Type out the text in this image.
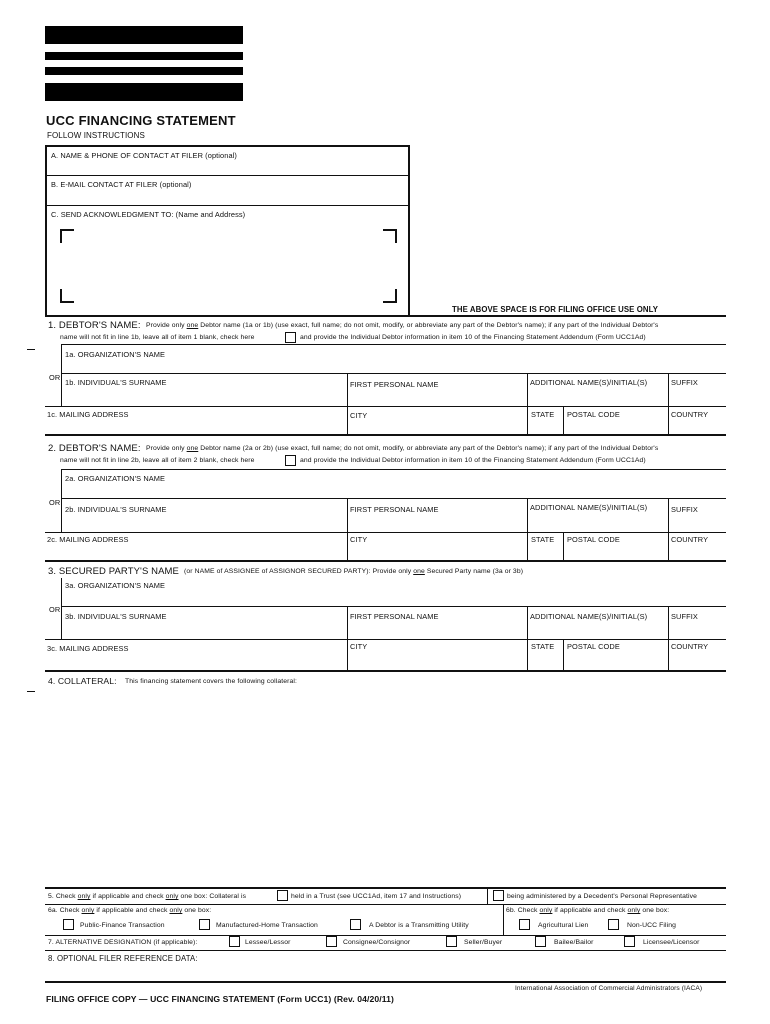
UCC FINANCING STATEMENT
FOLLOW INSTRUCTIONS
A. NAME & PHONE OF CONTACT AT FILER (optional)
B. E-MAIL CONTACT AT FILER (optional)
C. SEND ACKNOWLEDGMENT TO: (Name and Address)
THE ABOVE SPACE IS FOR FILING OFFICE USE ONLY
1. DEBTOR'S NAME: Provide only one Debtor name (1a or 1b) (use exact, full name; do not omit, modify, or abbreviate any part of the Debtor's name); if any part of the Individual Debtor's
name will not fit in line 1b, leave all of item 1 blank, check here	and provide the Individual Debtor information in item 10 of the Financing Statement Addendum (Form UCC1Ad)
1a. ORGANIZATION'S NAME
OR
1b. INDIVIDUAL'S SURNAME	FIRST PERSONAL NAME	ADDITIONAL NAME(S)/INITIAL(S)	SUFFIX
1c. MAILING ADDRESS	CITY	STATE POSTAL CODE	COUNTRY
2. DEBTOR'S NAME: Provide only one Debtor name (2a or 2b) (use exact, full name; do not omit, modify, or abbreviate any part of the Debtor's name); if any part of the Individual Debtor's
name will not fit in line 2b, leave all of item 2 blank, check here	and provide the Individual Debtor information in item 10 of the Financing Statement Addendum (Form UCC1Ad)
2a. ORGANIZATION'S NAME
OR
2b. INDIVIDUAL'S SURNAME	FIRST PERSONAL NAME	ADDITIONAL NAME(S)/INITIAL(S)	SUFFIX
2c. MAILING ADDRESS	CITY	STATE POSTAL CODE	COUNTRY
3. SECURED PARTY'S NAME (or NAME of ASSIGNEE of ASSIGNOR SECURED PARTY): Provide only one Secured Party name (3a or 3b)
3a. ORGANIZATION'S NAME
OR
3b. INDIVIDUAL'S SURNAME	FIRST PERSONAL NAME	ADDITIONAL NAME(S)/INITIAL(S)	SUFFIX
3c. MAILING ADDRESS	CITY	STATE POSTAL CODE	COUNTRY
4. COLLATERAL: This financing statement covers the following collateral:
5. Check only if applicable and check only one box: Collateral is	held in a Trust (see UCC1Ad, item 17 and Instructions)	being administered by a Decedent's Personal Representative
6a. Check only if applicable and check only one box:	6b. Check only if applicable and check only one box:
Public-Finance Transaction	Manufactured-Home Transaction	A Debtor is a Transmitting Utility	Agricultural Lien	Non-UCC Filing
7. ALTERNATIVE DESIGNATION (if applicable):	Lessee/Lessor	Consignee/Consignor	Seller/Buyer	Bailee/Bailor	Licensee/Licensor
8. OPTIONAL FILER REFERENCE DATA:
International Association of Commercial Administrators (IACA)
FILING OFFICE COPY — UCC FINANCING STATEMENT (Form UCC1) (Rev. 04/20/11)
